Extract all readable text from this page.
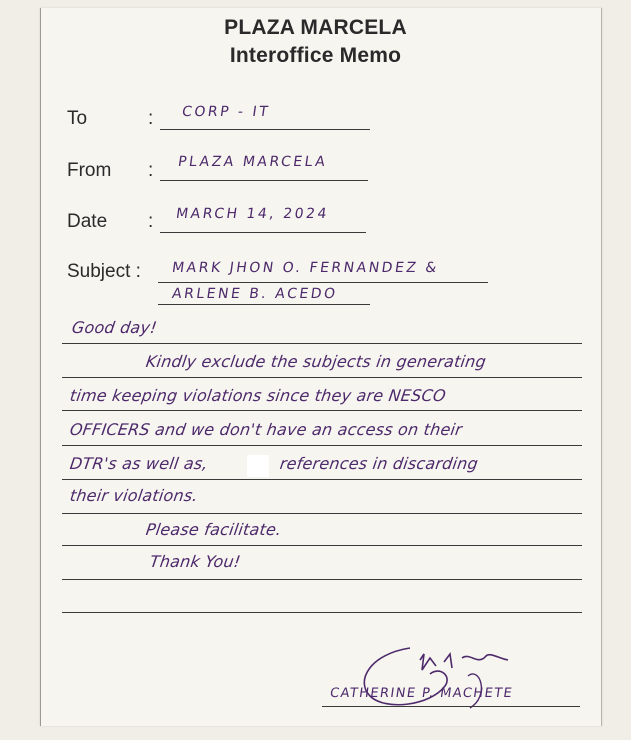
PLAZA MARCELA
Interoffice Memo
To	: CORP - IT
From : PLAZA MARCELA
Date : MARCH 14, 2024
Subject : MARK JHON O. FERNANDEZ &
ARLENE B. ACEDO
Good day!
Kindly exclude the subjects in generating
time keeping violations since they are NESCO
OFFICERS and we don't have an access on their
DTR's as well as,	references in discarding
their violations.
Please facilitate.
Thank You!
CATHERINE P. MACHETE
